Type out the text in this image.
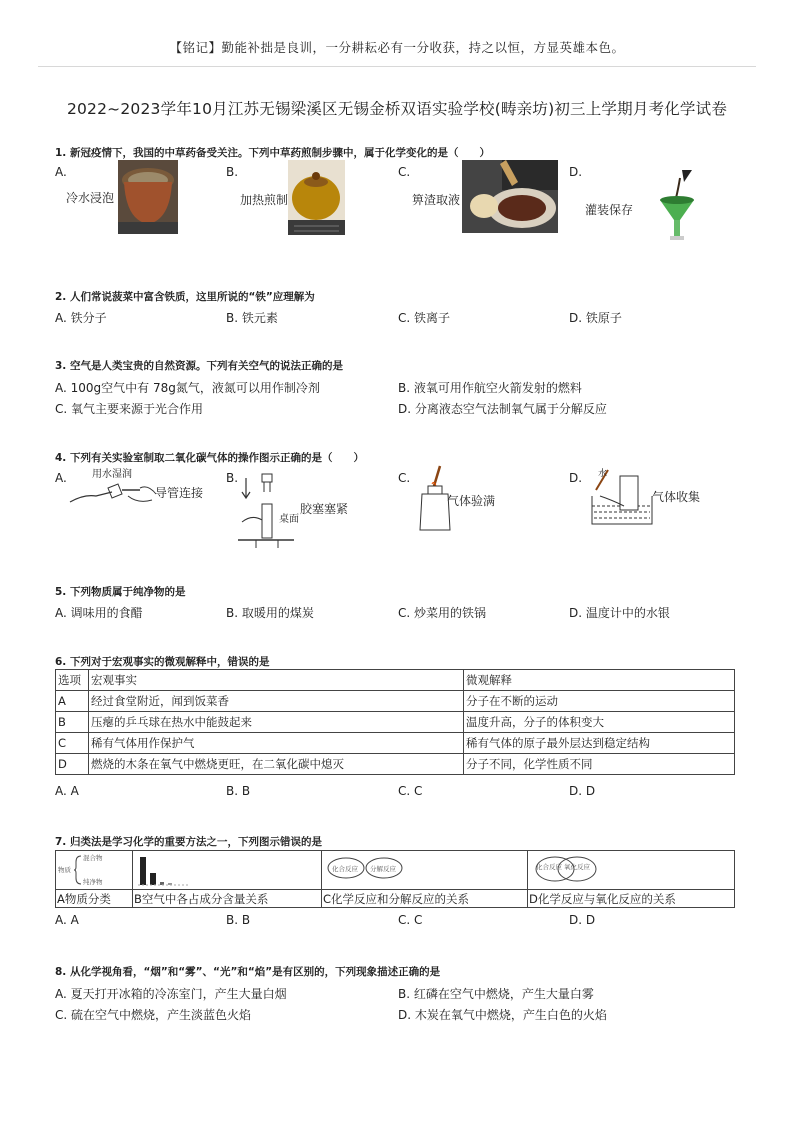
【铭记】勤能补拙是良训，一分耕耘必有一分收获，持之以恒，方显英雄本色。
2022~2023学年10月江苏无锡梁溪区无锡金桥双语实验学校(畴亲坊)初三上学期月考化学试卷
1. 新冠疫情下，我国的中草药备受关注。下列中草药煎制步骤中，属于化学变化的是（　　）
A.	B.	C.	D.
冷水浸泡	加热煎制	箅渣取液
灌装保存
2. 人们常说菠菜中富含铁质，这里所说的“铁”应理解为
A. 铁分子	B. 铁元素	C. 铁离子	D. 铁原子
3. 空气是人类宝贵的自然资源。下列有关空气的说法正确的是
A. 100g空气中有 78g氮气，液氮可以用作制冷剂	B. 液氧可用作航空火箭发射的燃料
C. 氧气主要来源于光合作用	D. 分离液态空气法制氧气属于分解反应
4. 下列有关实验室制取二氧化碳气体的操作图示正确的是（　　）
A.	B.	C.	D.
用水湿润
导管连接
桌面
胶塞塞紧
气体验满
水
气体收集
5. 下列物质属于纯净物的是
A. 调味用的食醋	B. 取暖用的煤炭	C. 炒菜用的铁锅	D. 温度计中的水银
6. 下列对于宏观事实的微观解释中，错误的是
选项	宏观事实	微观解释
A	经过食堂附近，闻到饭菜香	分子在不断的运动
B	压瘪的乒乓球在热水中能鼓起来	温度升高，分子的体积变大
C	稀有气体用作保护气	稀有气体的原子最外层达到稳定结构
D	燃烧的木条在氧气中燃烧更旺，在二氧化碳中熄灭	分子不同，化学性质不同
A. A	B. B	C. C	D. D
7. 归类法是学习化学的重要方法之一，下列图示错误的是
物质
混合物
纯净物
化合反应 分解反应	化合反应 氧化反应
A物质分类 B空气中各占成分含量关系	C化学反应和分解反应的关系	D化学反应与氧化反应的关系
A. A	B. B	C. C	D. D
8. 从化学视角看，“烟”和“雾”、“光”和“焰”是有区别的，下列现象描述正确的是
A. 夏天打开冰箱的冷冻室门，产生大量白烟	B. 红磷在空气中燃烧，产生大量白雾
C. 硫在空气中燃烧，产生淡蓝色火焰	D. 木炭在氧气中燃烧，产生白色的火焰
